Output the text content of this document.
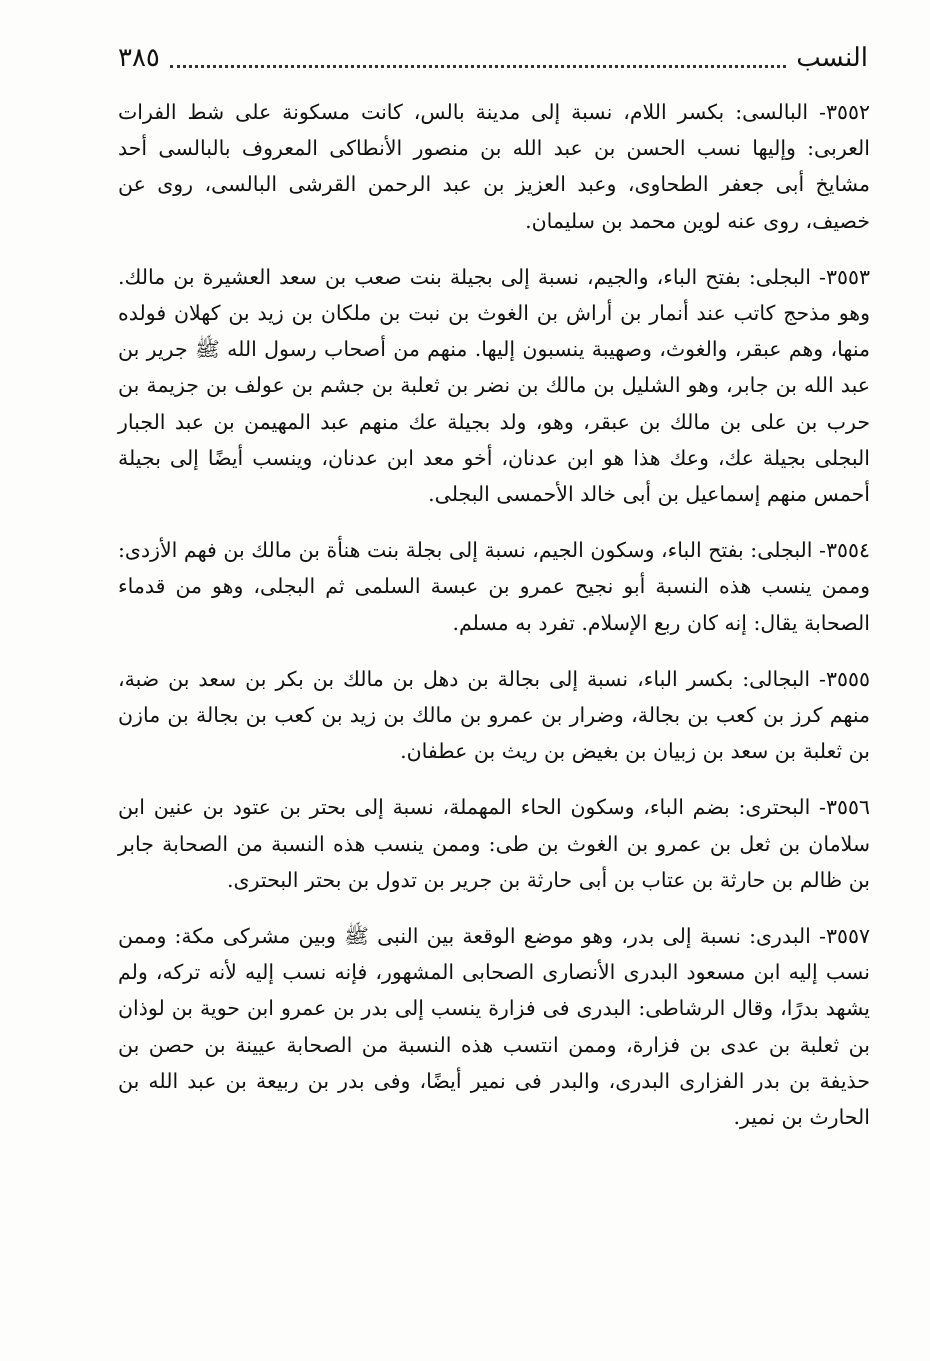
النسب
٣٨٥

٣٥٥٢- البالسى: بكسر اللام، نسبة إلى مدينة بالس، كانت مسكونة على شط الفرات العربى: وإليها نسب الحسن بن عبد الله بن منصور الأنطاكى المعروف بالبالسى أحد مشايخ أبى جعفر الطحاوى، وعبد العزيز بن عبد الرحمن القرشى البالسى، روى عن خصيف، روى عنه لوين محمد بن سليمان.

٣٥٥٣- البجلى: بفتح الباء، والجيم، نسبة إلى بجيلة بنت صعب بن سعد العشيرة بن مالك. وهو مذحج كاتب عند أنمار بن أراش بن الغوث بن نبت بن ملكان بن زيد بن كهلان فولده منها، وهم عبقر، والغوث، وصهيبة ينسبون إليها. منهم من أصحاب رسول الله ﷺ جرير بن عبد الله بن جابر، وهو الشليل بن مالك بن نضر بن ثعلبة بن جشم بن عولف بن جزيمة بن حرب بن على بن مالك بن عبقر، وهو، ولد بجيلة عك منهم عبد المهيمن بن عبد الجبار البجلى بجيلة عك، وعك هذا هو ابن عدنان، أخو معد ابن عدنان، وينسب أيضًا إلى بجيلة أحمس منهم إسماعيل بن أبى خالد الأحمسى البجلى.

٣٥٥٤- البجلى: بفتح الباء، وسكون الجيم، نسبة إلى بجلة بنت هنأة بن مالك بن فهم الأزدى: وممن ينسب هذه النسبة أبو نجيح عمرو بن عبسة السلمى ثم البجلى، وهو من قدماء الصحابة يقال: إنه كان ربع الإسلام. تفرد به مسلم.

٣٥٥٥- البجالى: بكسر الباء، نسبة إلى بجالة بن دهل بن مالك بن بكر بن سعد بن ضبة، منهم كرز بن كعب بن بجالة، وضرار بن عمرو بن مالك بن زيد بن كعب بن بجالة بن مازن بن ثعلبة بن سعد بن زبيان بن بغيض بن ريث بن عطفان.

٣٥٥٦- البحترى: بضم الباء، وسكون الحاء المهملة، نسبة إلى بحتر بن عتود بن عنين ابن سلامان بن ثعل بن عمرو بن الغوث بن طى: وممن ينسب هذه النسبة من الصحابة جابر بن ظالم بن حارثة بن عتاب بن أبى حارثة بن جرير بن تدول بن بحتر البحترى.

٣٥٥٧- البدرى: نسبة إلى بدر، وهو موضع الوقعة بين النبى ﷺ وبين مشركى مكة: وممن نسب إليه ابن مسعود البدرى الأنصارى الصحابى المشهور، فإنه نسب إليه لأنه تركه، ولم يشهد بدرًا، وقال الرشاطى: البدرى فى فزارة ينسب إلى بدر بن عمرو ابن حوية بن لوذان بن ثعلبة بن عدى بن فزارة، وممن انتسب هذه النسبة من الصحابة عيينة بن حصن بن حذيفة بن بدر الفزارى البدرى، والبدر فى نمير أيضًا، وفى بدر بن ربيعة بن عبد الله بن الحارث بن نمير.
